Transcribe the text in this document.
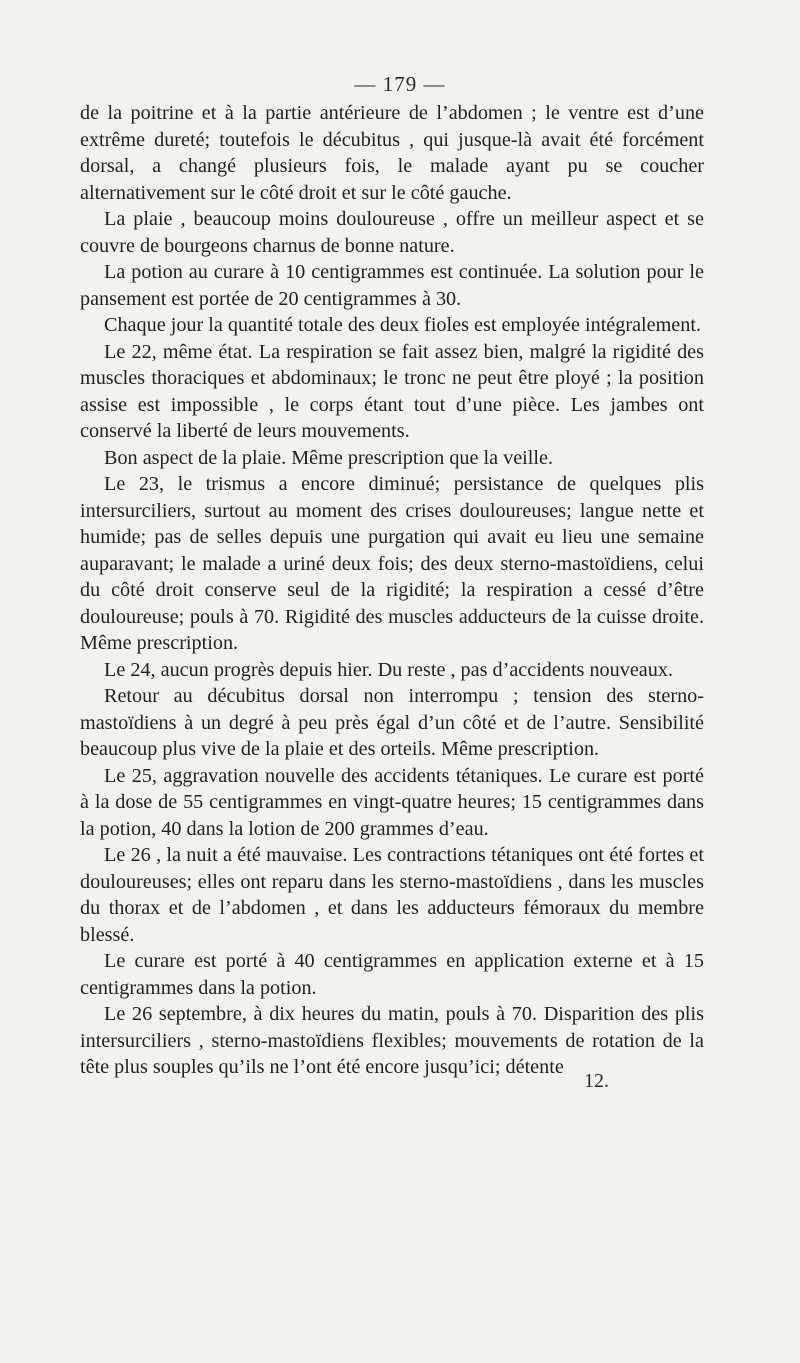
— 179 —

de la poitrine et à la partie antérieure de l’abdomen ; le ventre est d’une extrême dureté; toutefois le décubitus , qui jusque-là avait été forcément dorsal, a changé plusieurs fois, le malade ayant pu se coucher alternativement sur le côté droit et sur le côté gauche.

La plaie , beaucoup moins douloureuse , offre un meilleur aspect et se couvre de bourgeons charnus de bonne nature.

La potion au curare à 10 centigrammes est continuée. La solution pour le pansement est portée de 20 centigrammes à 30.

Chaque jour la quantité totale des deux fioles est employée intégralement.

Le 22, même état. La respiration se fait assez bien, malgré la rigidité des muscles thoraciques et abdominaux; le tronc ne peut être ployé ; la position assise est impossible , le corps étant tout d’une pièce. Les jambes ont conservé la liberté de leurs mouvements.

Bon aspect de la plaie. Même prescription que la veille.

Le 23, le trismus a encore diminué; persistance de quelques plis intersurciliers, surtout au moment des crises douloureuses; langue nette et humide; pas de selles depuis une purgation qui avait eu lieu une semaine auparavant; le malade a uriné deux fois; des deux sterno-mastoïdiens, celui du côté droit conserve seul de la rigidité; la respiration a cessé d’être douloureuse; pouls à 70. Rigidité des muscles adducteurs de la cuisse droite. Même prescription.

Le 24, aucun progrès depuis hier. Du reste , pas d’accidents nouveaux.

Retour au décubitus dorsal non interrompu ; tension des sterno-mastoïdiens à un degré à peu près égal d’un côté et de l’autre. Sensibilité beaucoup plus vive de la plaie et des orteils. Même prescription.

Le 25, aggravation nouvelle des accidents tétaniques. Le curare est porté à la dose de 55 centigrammes en vingt-quatre heures; 15 centigrammes dans la potion, 40 dans la lotion de 200 grammes d’eau.

Le 26 , la nuit a été mauvaise. Les contractions tétaniques ont été fortes et douloureuses; elles ont reparu dans les sterno-mastoïdiens , dans les muscles du thorax et de l’abdomen , et dans les adducteurs fémoraux du membre blessé.

Le curare est porté à 40 centigrammes en application externe et à 15 centigrammes dans la potion.

Le 26 septembre, à dix heures du matin, pouls à 70. Disparition des plis intersurciliers , sterno-mastoïdiens flexibles; mouvements de rotation de la tête plus souples qu’ils ne l’ont été encore jusqu’ici; détente

12.
